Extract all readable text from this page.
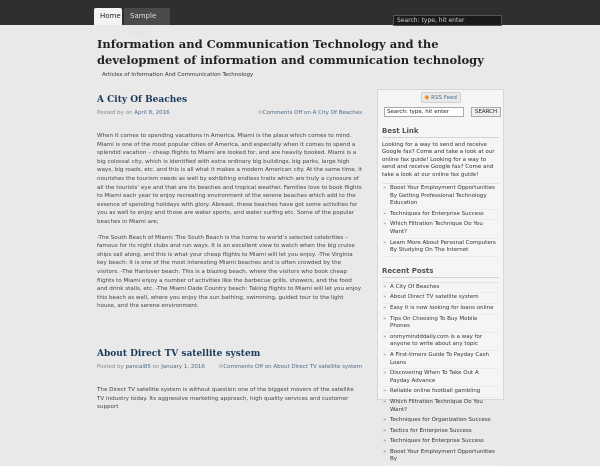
Home	Sample Page
Search: type, hit enter
Information and Communication Technology and the development of information and communication technology
Articles of Information And Communication Technology
A City Of Beaches
Posted by on April 8, 2016	✉ Comments Off on A City Of Beaches

When it comes to spending vacations in America, Miami is the place which comes to mind. Miami is one of the most popular cities of America, and especially when it comes to spend a splendid vacation – cheap flights to Miami are looked for, and are heavily booked. Miami is a big colossal city, which is identified with extra ordinary big buildings, big parks, large high ways, big roads, etc. and this is all what it makes a modern American city. At the same time, it nourishes the tourism needs as well by exhibiting endless traits which are truly a cynosure of all the tourists’ eye and that are its beaches and tropical weather. Families love to book flights to Miami each year to enjoy recreating environment of the serene beaches which add to the essence of spending holidays with glory. Abreast, these beaches have got some activities for you as well to enjoy and those are water sports, and water surfing etc. Some of the popular beaches in Miami are;

-The South Beach of Miami: The South Beach is the home to world’s selected celebrities – famous for its night clubs and run ways. It is an excellent view to watch when the big cruise ships sail along, and this is what your cheap flights to Miami will let you enjoy. -The Virginia key beach: It is one of the most interesting Miami beaches and is often crowded by the visitors. -The Hanlover beach: This is a blazing beach, where the visitors who book cheap flights to Miami enjoy a number of activities like the barbecue grills, showers, and the food and drink stalls, etc. -The Miami Dade Country beach: Taking flights to Miami will let you enjoy this beach as well, where you enjoy the sun bathing, swimming, guided tour to the light house, and the serene environment.

About Direct TV satellite system
Posted by pancal85 on January 1, 2016	✉ Comments Off on About Direct TV satellite system

The Direct TV satellite system is without question one of the biggest movers of the satellite TV industry today. Its aggressive marketing approach, high quality services and customer support

◉ RSS Feed
Search: type, hit enter	SEARCH
Best Link
Looking for a way to send and receive Google fax? Come and take a look at our online fax guide! Looking for a way to send and receive Google fax? Come and take a look at our online fax guide!
» Boost Your Employment Opportunities By Getting Professional Technology Education
» Techniques for Enterprise Success
» Which Filtration Technique Do You Want?
» Learn More About Personal Computers By Studying On The Internet
Recent Posts
» A City Of Beaches
» About Direct TV satellite system
» Easy it is now looking for loans online
» Tips On Choosing To Buy Mobile Phones
» onmymindddaily.com is a way for anyone to write about any topic
» A First-timers Guide To Payday Cash Loans
» Discovering When To Take Out A Payday Advance
» Reliable online football gambling
» Which Filtration Technique Do You Want?
» Techniques for Organization Success
» Tactics for Enterprise Success
» Techniques for Enterprise Success
» Boost Your Employment Opportunities By
